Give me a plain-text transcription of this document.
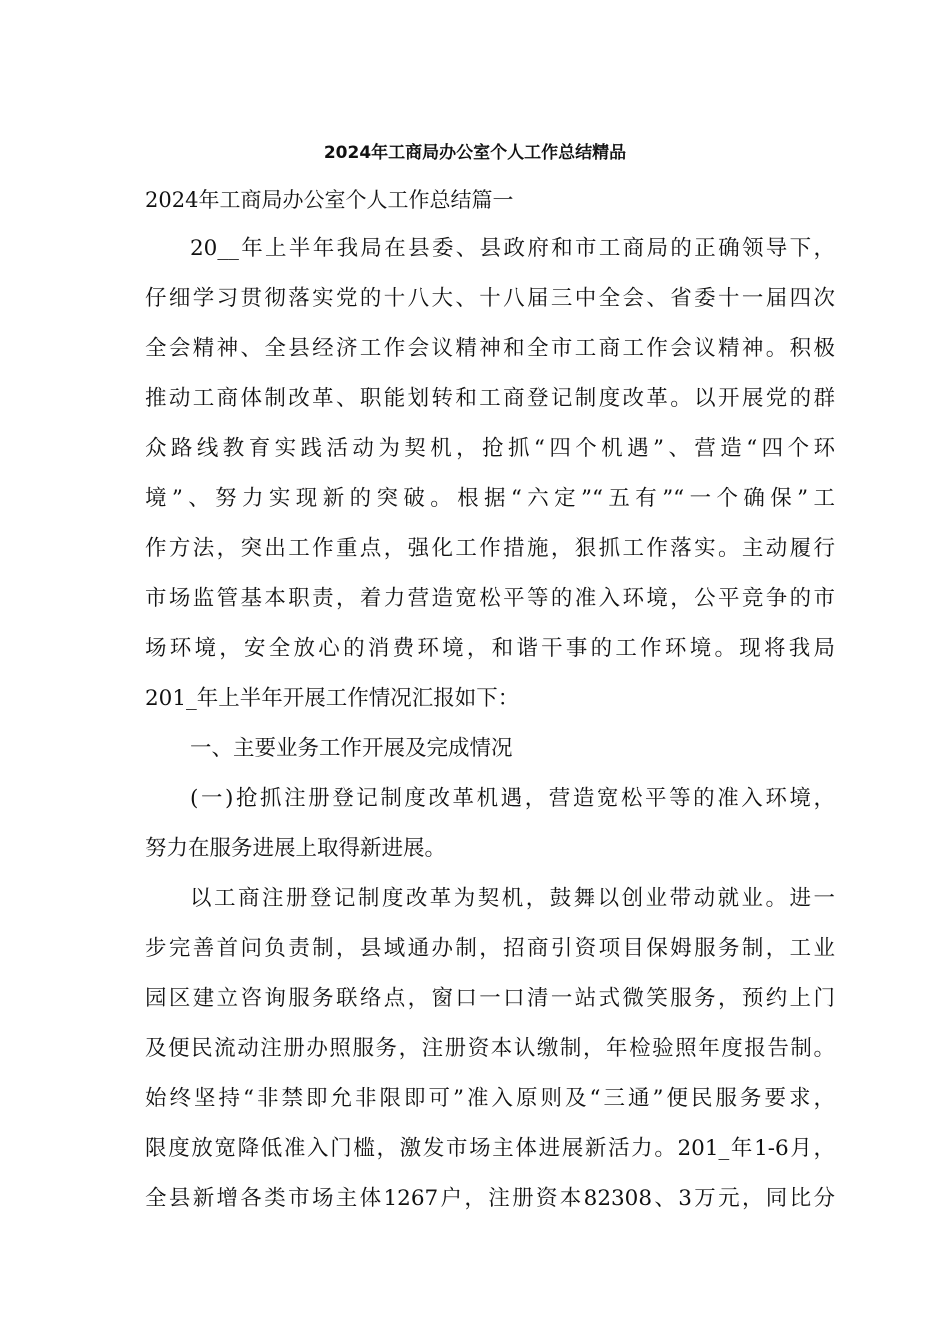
2024年工商局办公室个人工作总结精品

2024年工商局办公室个人工作总结篇一

20__年上半年我局在县委、县政府和市工商局的正确领导下，

仔细学习贯彻落实党的十八大、十八届三中全会、省委十一届四次

全会精神、全县经济工作会议精神和全市工商工作会议精神。积极

推动工商体制改革、职能划转和工商登记制度改革。以开展党的群

众路线教育实践活动为契机，抢抓“四个机遇”、营造“四个环

境”、努力实现新的突破。根据“六定”“五有”“一个确保”工

作方法，突出工作重点，强化工作措施，狠抓工作落实。主动履行

市场监管基本职责，着力营造宽松平等的准入环境，公平竞争的市

场环境，安全放心的消费环境，和谐干事的工作环境。现将我局

201_年上半年开展工作情况汇报如下：

一、主要业务工作开展及完成情况

(一)抢抓注册登记制度改革机遇，营造宽松平等的准入环境，

努力在服务进展上取得新进展。

以工商注册登记制度改革为契机，鼓舞以创业带动就业。进一

步完善首问负责制，县域通办制，招商引资项目保姆服务制，工业

园区建立咨询服务联络点，窗口一口清一站式微笑服务，预约上门

及便民流动注册办照服务，注册资本认缴制，年检验照年度报告制。

始终坚持“非禁即允非限即可”准入原则及“三通”便民服务要求，

限度放宽降低准入门槛，激发市场主体进展新活力。201_年1-6月，

全县新增各类市场主体1267户，注册资本82308、3万元，同比分
